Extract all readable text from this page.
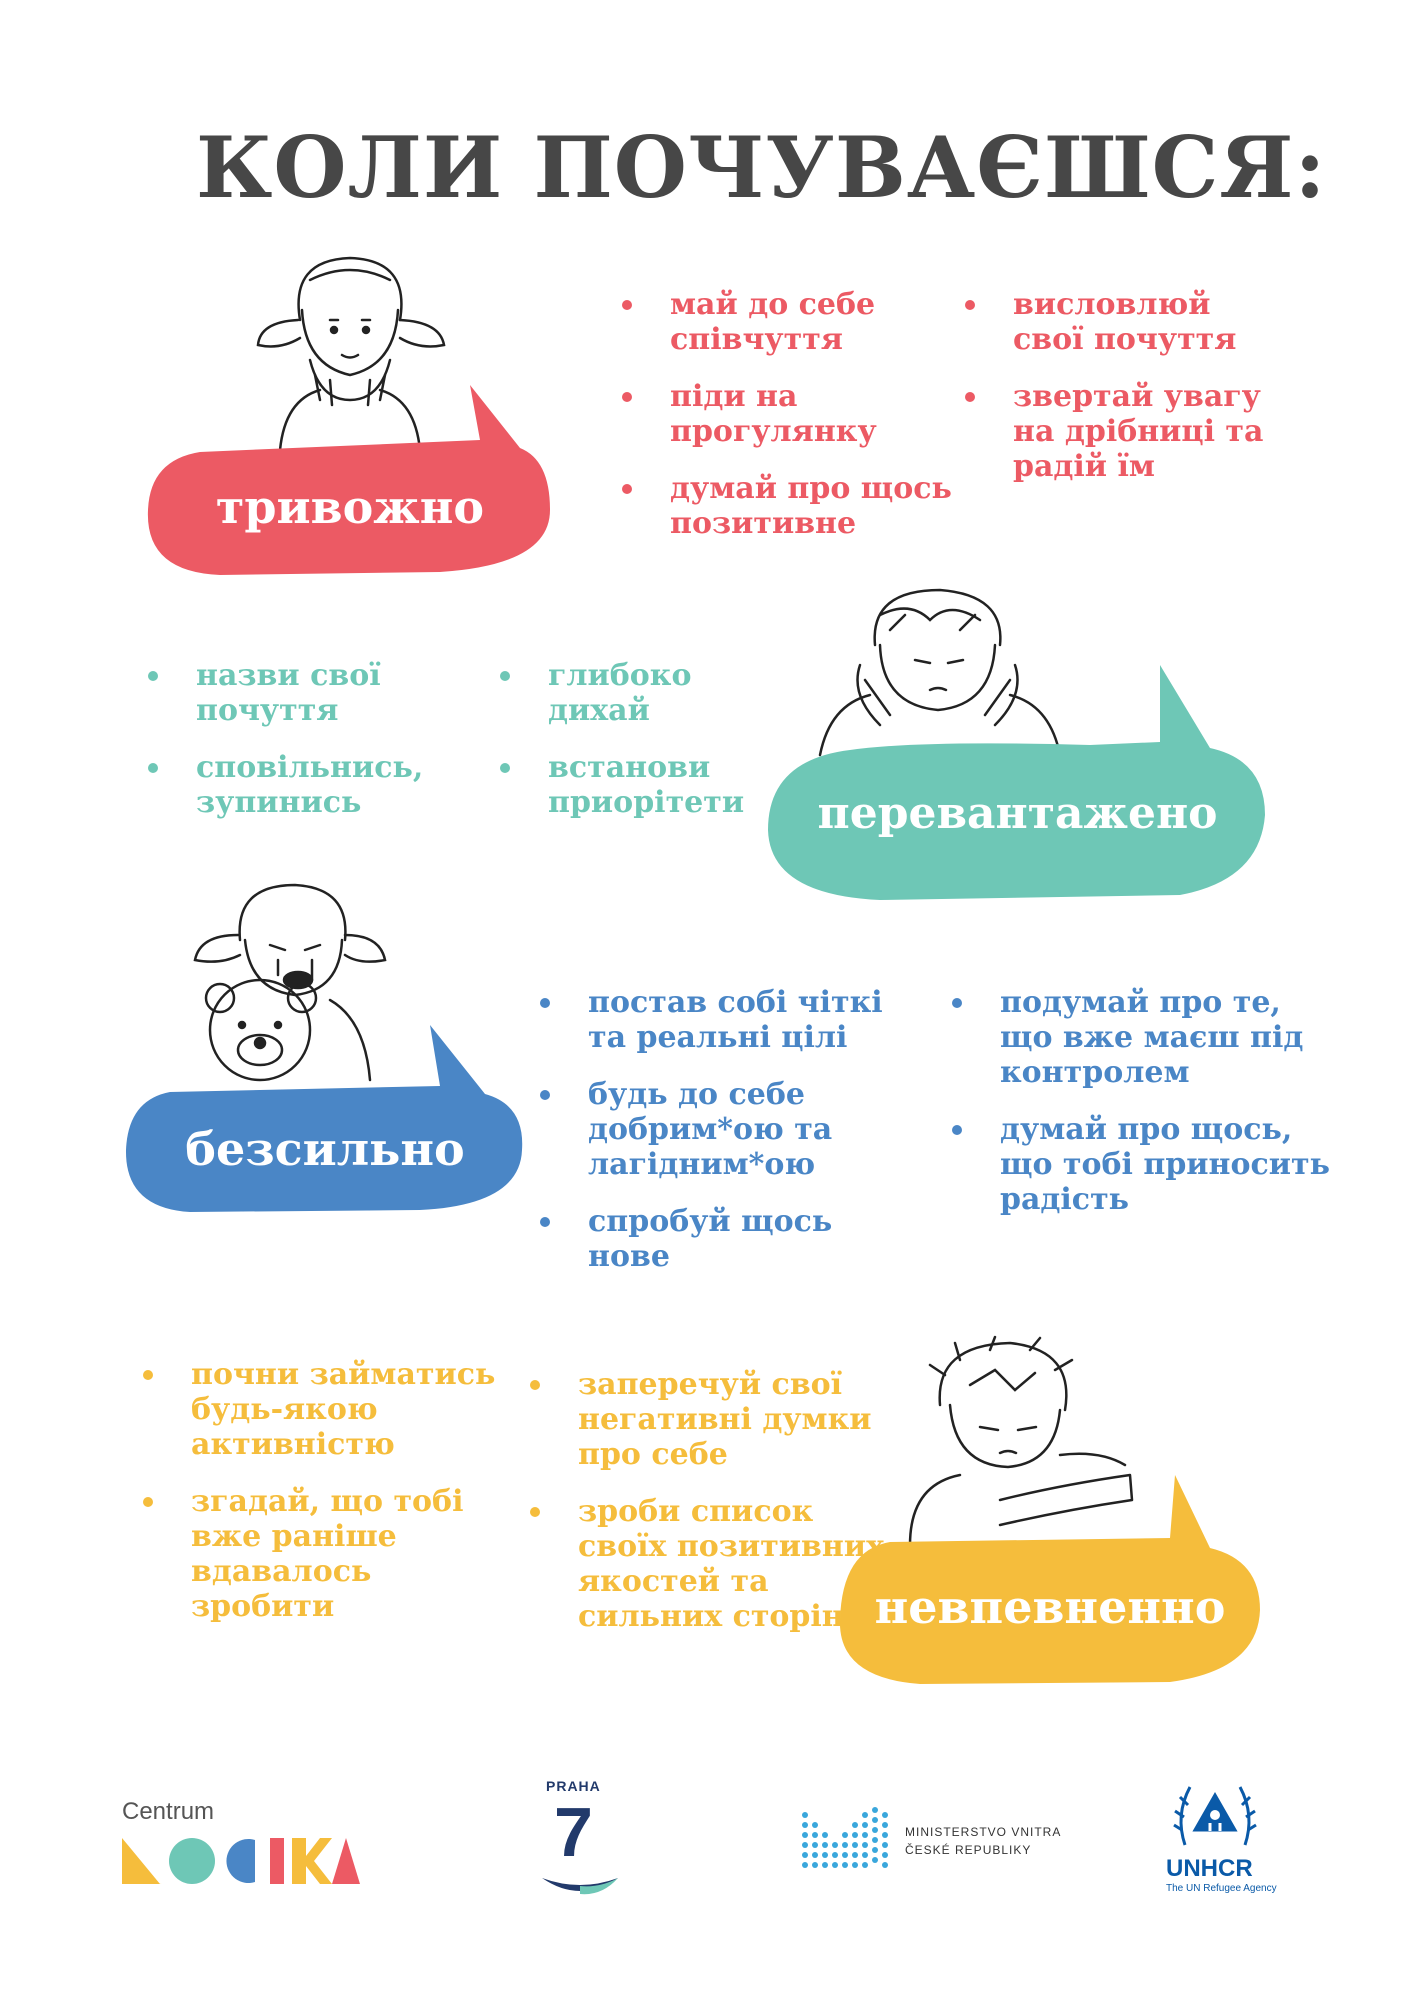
КОЛИ ПОЧУВАЄШСЯ:
тривожно
май до себе співчуття
піди на прогулянку
думай про щось позитивне
висловлюй свої почуття
звертай увагу на дрібниці та радій їм
перевантажено
назви свої почуття
сповільнись, зупинись
глибоко дихай
встанови приорітети
безсильно
постав собі чіткі та реальні цілі
будь до себе добрим*ою та лагідним*ою
спробуй щось нове
подумай про те, що вже маєш під контролем
думай про щось, що тобі приносить радість
невпевненно
почни займатись будь-якою активністю
згадай, що тобі вже раніше вдавалось зробити
заперечуй свої негативні думки про себе
зроби список своїх позитивних якостей та сильних сторін
Centrum
PRAHA
7	MINISTERSTVO VNITRA
ČESKÉ REPUBLIKY
UNHCR
The UN Refugee Agency
